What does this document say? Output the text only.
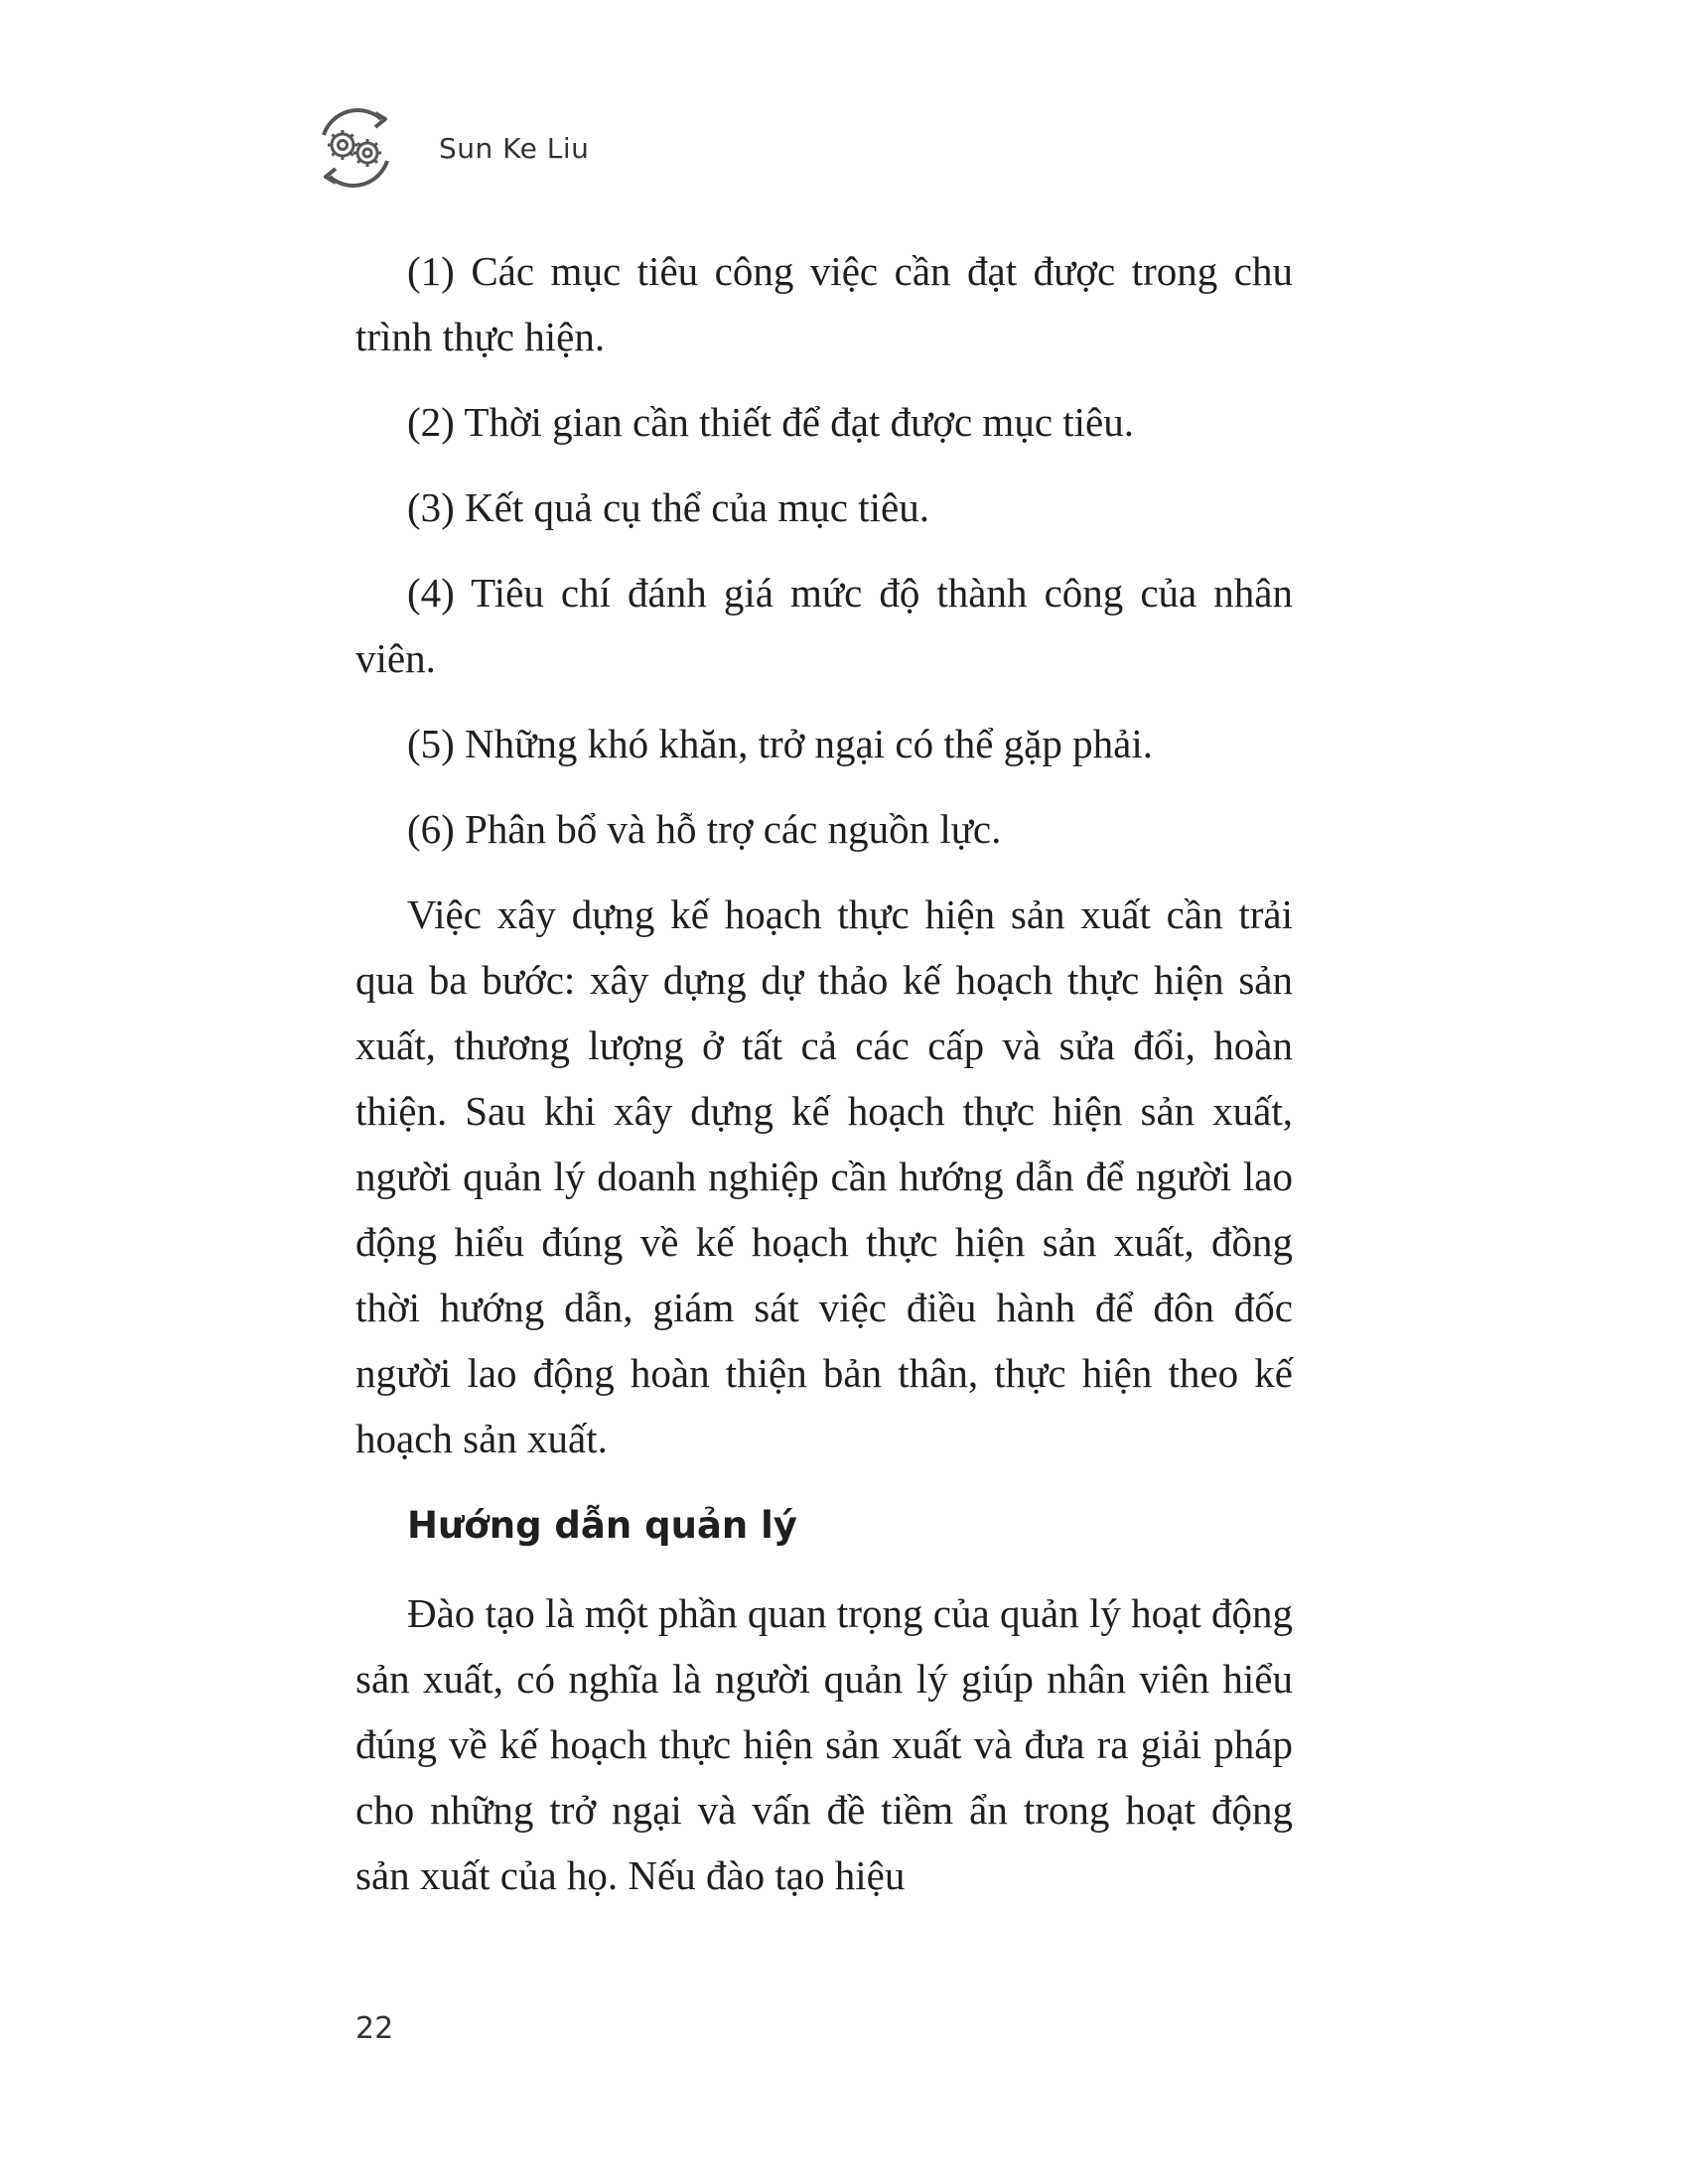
Sun Ke Liu

(1) Các mục tiêu công việc cần đạt được trong chu trình thực hiện.

(2) Thời gian cần thiết để đạt được mục tiêu.

(3) Kết quả cụ thể của mục tiêu.

(4) Tiêu chí đánh giá mức độ thành công của nhân viên.

(5) Những khó khăn, trở ngại có thể gặp phải.

(6) Phân bổ và hỗ trợ các nguồn lực.

Việc xây dựng kế hoạch thực hiện sản xuất cần trải qua ba bước: xây dựng dự thảo kế hoạch thực hiện sản xuất, thương lượng ở tất cả các cấp và sửa đổi, hoàn thiện. Sau khi xây dựng kế hoạch thực hiện sản xuất, người quản lý doanh nghiệp cần hướng dẫn để người lao động hiểu đúng về kế hoạch thực hiện sản xuất, đồng thời hướng dẫn, giám sát việc điều hành để đôn đốc người lao động hoàn thiện bản thân, thực hiện theo kế hoạch sản xuất.

Hướng dẫn quản lý

Đào tạo là một phần quan trọng của quản lý hoạt động sản xuất, có nghĩa là người quản lý giúp nhân viên hiểu đúng về kế hoạch thực hiện sản xuất và đưa ra giải pháp cho những trở ngại và vấn đề tiềm ẩn trong hoạt động sản xuất của họ. Nếu đào tạo hiệu

22
